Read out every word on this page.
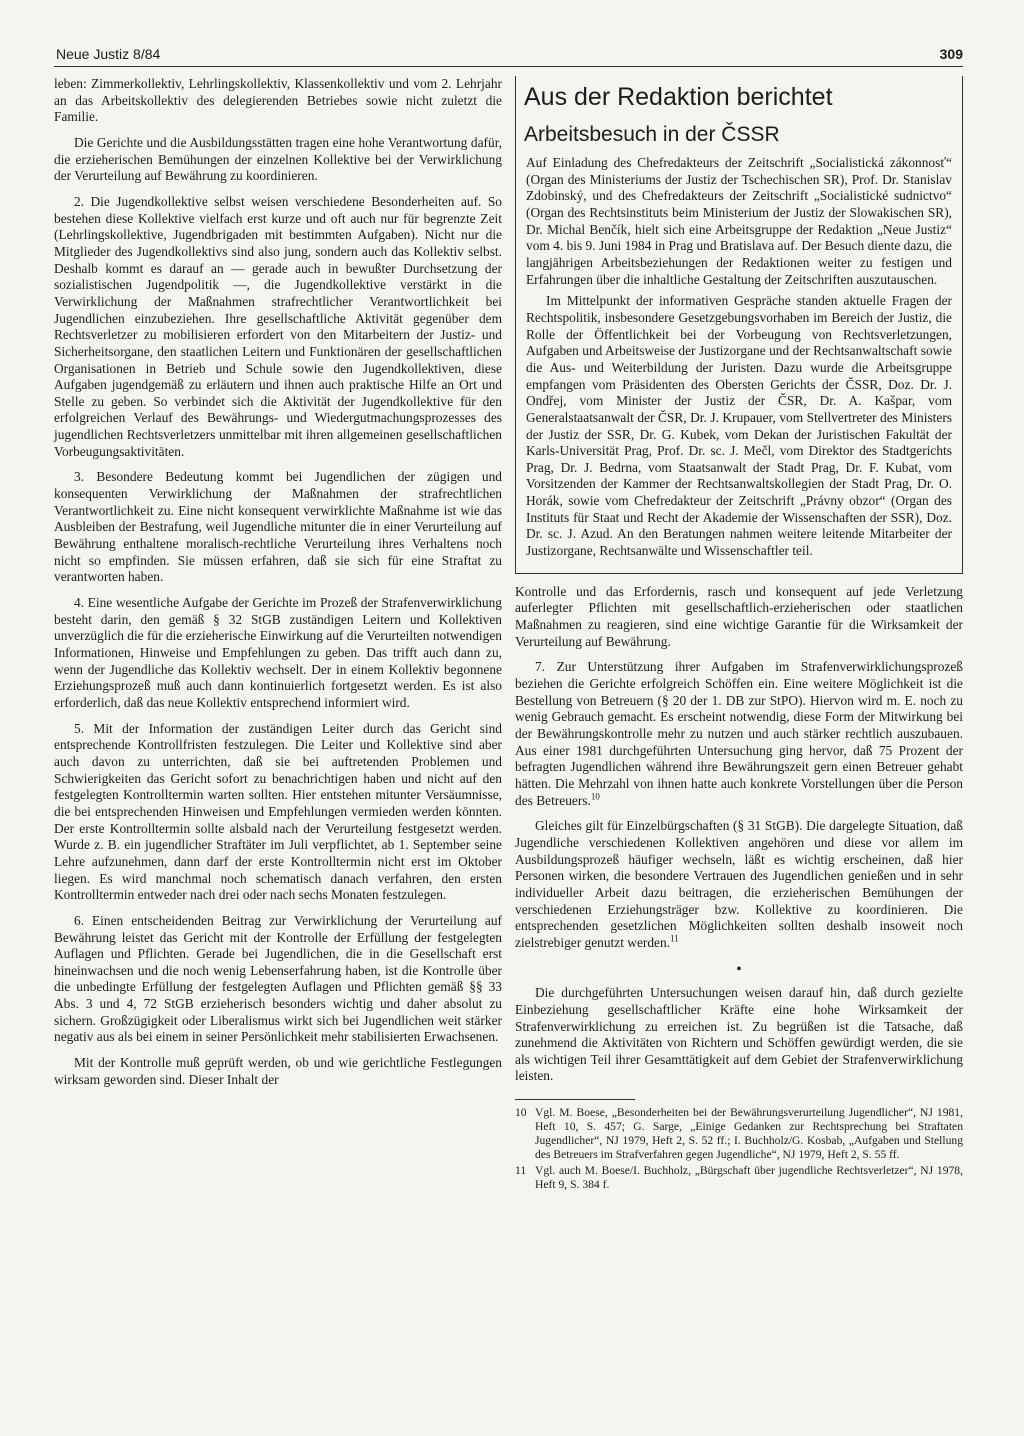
Neue Justiz 8/84	309

leben: Zimmerkollektiv, Lehrlingskollektiv, Klassenkollektiv und vom 2. Lehrjahr an das Arbeitskollektiv des delegierenden Betriebes sowie nicht zuletzt die Familie.

Die Gerichte und die Ausbildungsstätten tragen eine hohe Verantwortung dafür, die erzieherischen Bemühungen der einzelnen Kollektive bei der Verwirklichung der Verurteilung auf Bewährung zu koordinieren.

2. Die Jugendkollektive selbst weisen verschiedene Besonderheiten auf. So bestehen diese Kollektive vielfach erst kurze und oft auch nur für begrenzte Zeit (Lehrlingskollektive, Jugendbrigaden mit bestimmten Aufgaben). Nicht nur die Mitglieder des Jugendkollektivs sind also jung, sondern auch das Kollektiv selbst. Deshalb kommt es darauf an — gerade auch in bewußter Durchsetzung der sozialistischen Jugendpolitik —, die Jugendkollektive verstärkt in die Verwirklichung der Maßnahmen strafrechtlicher Verantwortlichkeit bei Jugendlichen einzubeziehen. Ihre gesellschaftliche Aktivität gegenüber dem Rechtsverletzer zu mobilisieren erfordert von den Mitarbeitern der Justiz- und Sicherheitsorgane, den staatlichen Leitern und Funktionären der gesellschaftlichen Organisationen in Betrieb und Schule sowie den Jugendkollektiven, diese Aufgaben jugendgemäß zu erläutern und ihnen auch praktische Hilfe an Ort und Stelle zu geben. So verbindet sich die Aktivität der Jugendkollektive für den erfolgreichen Verlauf des Bewährungs- und Wiedergutmachungsprozesses des jugendlichen Rechtsverletzers unmittelbar mit ihren allgemeinen gesellschaftlichen Vorbeugungsaktivitäten.

3. Besondere Bedeutung kommt bei Jugendlichen der zügigen und konsequenten Verwirklichung der Maßnahmen der strafrechtlichen Verantwortlichkeit zu. Eine nicht konsequent verwirklichte Maßnahme ist wie das Ausbleiben der Bestrafung, weil Jugendliche mitunter die in einer Verurteilung auf Bewährung enthaltene moralisch-rechtliche Verurteilung ihres Verhaltens noch nicht so empfinden. Sie müssen erfahren, daß sie sich für eine Straftat zu verantworten haben.

4. Eine wesentliche Aufgabe der Gerichte im Prozeß der Strafenverwirklichung besteht darin, den gemäß § 32 StGB zuständigen Leitern und Kollektiven unverzüglich die für die erzieherische Einwirkung auf die Verurteilten notwendigen Informationen, Hinweise und Empfehlungen zu geben. Das trifft auch dann zu, wenn der Jugendliche das Kollektiv wechselt. Der in einem Kollektiv begonnene Erziehungsprozeß muß auch dann kontinuierlich fortgesetzt werden. Es ist also erforderlich, daß das neue Kollektiv entsprechend informiert wird.

5. Mit der Information der zuständigen Leiter durch das Gericht sind entsprechende Kontrollfristen festzulegen. Die Leiter und Kollektive sind aber auch davon zu unterrichten, daß sie bei auftretenden Problemen und Schwierigkeiten das Gericht sofort zu benachrichtigen haben und nicht auf den festgelegten Kontrolltermin warten sollten. Hier entstehen mitunter Versäumnisse, die bei entsprechenden Hinweisen und Empfehlungen vermieden werden könnten. Der erste Kontrolltermin sollte alsbald nach der Verurteilung festgesetzt werden. Wurde z. B. ein jugendlicher Straftäter im Juli verpflichtet, ab 1. September seine Lehre aufzunehmen, dann darf der erste Kontrolltermin nicht erst im Oktober liegen. Es wird manchmal noch schematisch danach verfahren, den ersten Kontrolltermin entweder nach drei oder nach sechs Monaten festzulegen.

6. Einen entscheidenden Beitrag zur Verwirklichung der Verurteilung auf Bewährung leistet das Gericht mit der Kontrolle der Erfüllung der festgelegten Auflagen und Pflichten. Gerade bei Jugendlichen, die in die Gesellschaft erst hineinwachsen und die noch wenig Lebenserfahrung haben, ist die Kontrolle über die unbedingte Erfüllung der festgelegten Auflagen und Pflichten gemäß §§ 33 Abs. 3 und 4, 72 StGB erzieherisch besonders wichtig und daher absolut zu sichern. Großzügigkeit oder Liberalismus wirkt sich bei Jugendlichen weit stärker negativ aus als bei einem in seiner Persönlichkeit mehr stabilisierten Erwachsenen.

Mit der Kontrolle muß geprüft werden, ob und wie gerichtliche Festlegungen wirksam geworden sind. Dieser Inhalt der

Aus der Redaktion berichtet
Arbeitsbesuch in der ČSSR

Auf Einladung des Chefredakteurs der Zeitschrift „Socialistická zákonnosť“ (Organ des Ministeriums der Justiz der Tschechischen SR), Prof. Dr. Stanislav Zdobinský, und des Chefredakteurs der Zeitschrift „Socialistické sudnictvo“ (Organ des Rechtsinstituts beim Ministerium der Justiz der Slowakischen SR), Dr. Michal Benčík, hielt sich eine Arbeitsgruppe der Redaktion „Neue Justiz“ vom 4. bis 9. Juni 1984 in Prag und Bratislava auf. Der Besuch diente dazu, die langjährigen Arbeitsbeziehungen der Redaktionen weiter zu festigen und Erfahrungen über die inhaltliche Gestaltung der Zeitschriften auszutauschen.

Im Mittelpunkt der informativen Gespräche standen aktuelle Fragen der Rechtspolitik, insbesondere Gesetzgebungsvorhaben im Bereich der Justiz, die Rolle der Öffentlichkeit bei der Vorbeugung von Rechtsverletzungen, Aufgaben und Arbeitsweise der Justizorgane und der Rechtsanwaltschaft sowie die Aus- und Weiterbildung der Juristen. Dazu wurde die Arbeitsgruppe empfangen vom Präsidenten des Obersten Gerichts der ČSSR, Doz. Dr. J. Ondřej, vom Minister der Justiz der ČSR, Dr. A. Kašpar, vom Generalstaatsanwalt der ČSR, Dr. J. Krupauer, vom Stellvertreter des Ministers der Justiz der SSR, Dr. G. Kubek, vom Dekan der Juristischen Fakultät der Karls-Universität Prag, Prof. Dr. sc. J. Mečl, vom Direktor des Stadtgerichts Prag, Dr. J. Bedrna, vom Staatsanwalt der Stadt Prag, Dr. F. Kubat, vom Vorsitzenden der Kammer der Rechtsanwaltskollegien der Stadt Prag, Dr. O. Horák, sowie vom Chefredakteur der Zeitschrift „Právny obzor“ (Organ des Instituts für Staat und Recht der Akademie der Wissenschaften der SSR), Doz. Dr. sc. J. Azud. An den Beratungen nahmen weitere leitende Mitarbeiter der Justizorgane, Rechtsanwälte und Wissenschaftler teil.

Kontrolle und das Erfordernis, rasch und konsequent auf jede Verletzung auferlegter Pflichten mit gesellschaftlich-erzieherischen oder staatlichen Maßnahmen zu reagieren, sind eine wichtige Garantie für die Wirksamkeit der Verurteilung auf Bewährung.

7. Zur Unterstützung ihrer Aufgaben im Strafenverwirklichungsprozeß beziehen die Gerichte erfolgreich Schöffen ein. Eine weitere Möglichkeit ist die Bestellung von Betreuern (§ 20 der 1. DB zur StPO). Hiervon wird m. E. noch zu wenig Gebrauch gemacht. Es erscheint notwendig, diese Form der Mitwirkung bei der Bewährungskontrolle mehr zu nutzen und auch stärker rechtlich auszubauen. Aus einer 1981 durchgeführten Untersuchung ging hervor, daß 75 Prozent der befragten Jugendlichen während ihre Bewährungszeit gern einen Betreuer gehabt hätten. Die Mehrzahl von ihnen hatte auch konkrete Vorstellungen über die Person des Betreuers.$^{10}$

Gleiches gilt für Einzelbürgschaften (§ 31 StGB). Die dargelegte Situation, daß Jugendliche verschiedenen Kollektiven angehören und diese vor allem im Ausbildungsprozeß häufiger wechseln, läßt es wichtig erscheinen, daß hier Personen wirken, die besondere Vertrauen des Jugendlichen genießen und in sehr individueller Arbeit dazu beitragen, die erzieherischen Bemühungen der verschiedenen Erziehungsträger bzw. Kollektive zu koordinieren. Die entsprechenden gesetzlichen Möglichkeiten sollten deshalb insoweit noch zielstrebiger genutzt werden.$^{11}$

•

Die durchgeführten Untersuchungen weisen darauf hin, daß durch gezielte Einbeziehung gesellschaftlicher Kräfte eine hohe Wirksamkeit der Strafenverwirklichung zu erreichen ist. Zu begrüßen ist die Tatsache, daß zunehmend die Aktivitäten von Richtern und Schöffen gewürdigt werden, die sie als wichtigen Teil ihrer Gesamttätigkeit auf dem Gebiet der Strafenverwirklichung leisten.

10 Vgl. M. Boese, „Besonderheiten bei der Bewährungsverurteilung Jugendlicher“, NJ 1981, Heft 10, S. 457; G. Sarge, „Einige Gedanken zur Rechtsprechung bei Straftaten Jugendlicher“, NJ 1979, Heft 2, S. 52 ff.; I. Buchholz/G. Kosbab, „Aufgaben und Stellung des Betreuers im Strafverfahren gegen Jugendliche“, NJ 1979, Heft 2, S. 55 ff.
11 Vgl. auch M. Boese/I. Buchholz, „Bürgschaft über jugendliche Rechtsverletzer“, NJ 1978, Heft 9, S. 384 f.
